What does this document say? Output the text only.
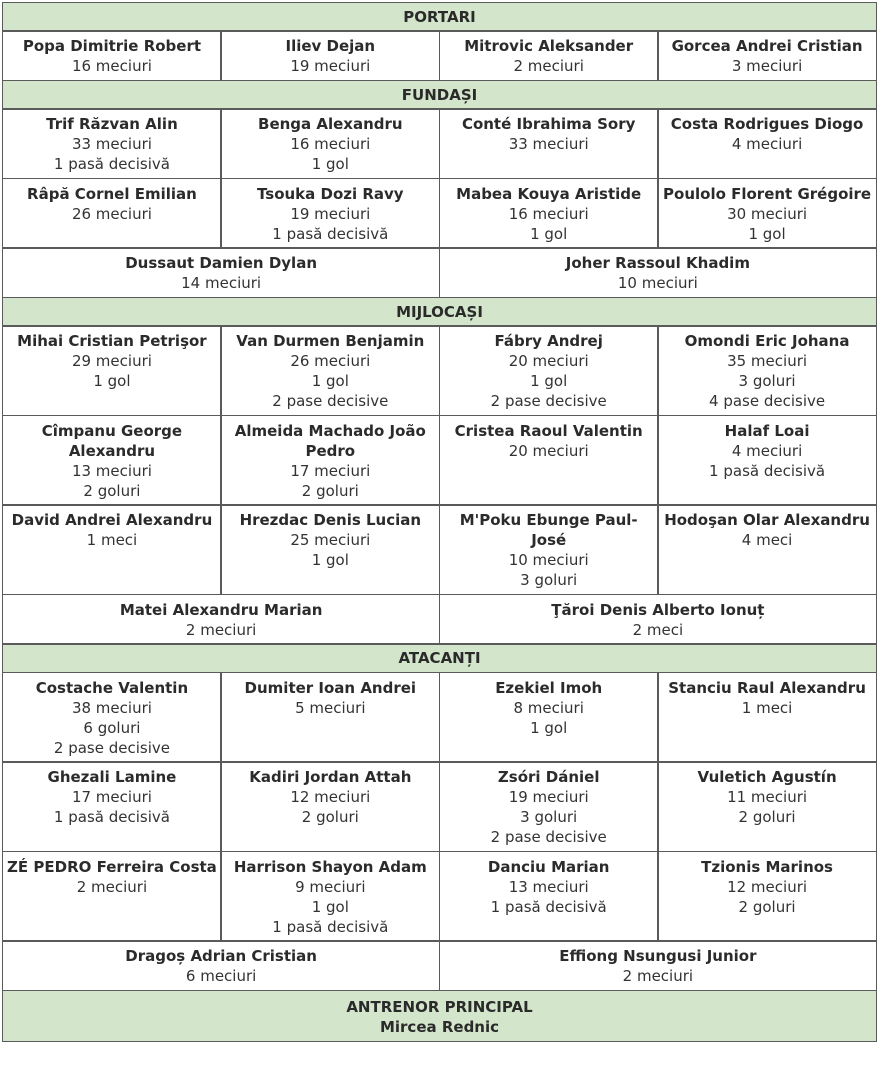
PORTARI
Popa Dimitrie Robert
16 meciuri
Iliev Dejan
19 meciuri
Mitrovic Aleksander
2 meciuri
Gorcea Andrei Cristian
3 meciuri
FUNDAȘI
Trif Răzvan Alin
33 meciuri
1 pasă decisivă
Benga Alexandru
16 meciuri
1 gol
Conté Ibrahima Sory
33 meciuri
Costa Rodrigues Diogo
4 meciuri
Râpă Cornel Emilian
26 meciuri
Tsouka Dozi Ravy
19 meciuri
1 pasă decisivă
Mabea Kouya Aristide
16 meciuri
1 gol
Poulolo Florent Grégoire
30 meciuri
1 gol
Dussaut Damien Dylan
14 meciuri
Joher Rassoul Khadim
10 meciuri
MIJLOCAȘI
Mihai Cristian Petrişor
29 meciuri
1 gol
Van Durmen Benjamin
26 meciuri
1 gol
2 pase decisive
Fábry Andrej
20 meciuri
1 gol
2 pase decisive
Omondi Eric Johana
35 meciuri
3 goluri
4 pase decisive
Cîmpanu George Alexandru
13 meciuri
2 goluri
Almeida Machado João Pedro
17 meciuri
2 goluri
Cristea Raoul Valentin
20 meciuri
Halaf Loai
4 meciuri
1 pasă decisivă
David Andrei Alexandru
1 meci
Hrezdac Denis Lucian
25 meciuri
1 gol
M'Poku Ebunge Paul-José
10 meciuri
3 goluri
Hodoşan Olar Alexandru
4 meci
Matei Alexandru Marian
2 meciuri
Ţăroi Denis Alberto Ionuț
2 meci
ATACANȚI
Costache Valentin
38 meciuri
6 goluri
2 pase decisive
Dumiter Ioan Andrei
5 meciuri
Ezekiel Imoh
8 meciuri
1 gol
Stanciu Raul Alexandru
1 meci
Ghezali Lamine
17 meciuri
1 pasă decisivă
Kadiri Jordan Attah
12 meciuri
2 goluri
Zsóri Dániel
19 meciuri
3 goluri
2 pase decisive
Vuletich Agustín
11 meciuri
2 goluri
ZÉ PEDRO Ferreira Costa
2 meciuri
Harrison Shayon Adam
9 meciuri
1 gol
1 pasă decisivă
Danciu Marian
13 meciuri
1 pasă decisivă
Tzionis Marinos
12 meciuri
2 goluri
Dragoș Adrian Cristian
6 meciuri
Effiong Nsungusi Junior
2 meciuri
ANTRENOR PRINCIPAL
Mircea Rednic
